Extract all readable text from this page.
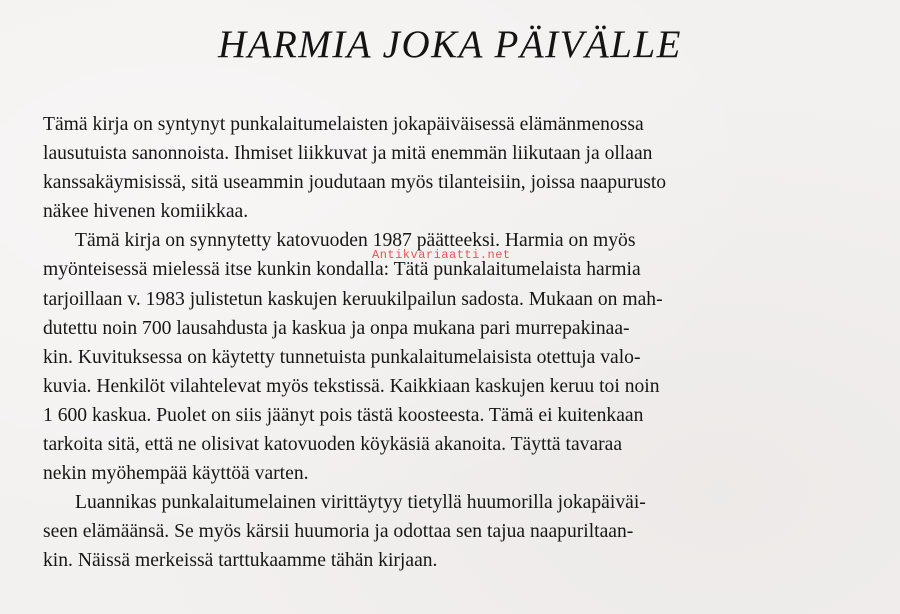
HARMIA JOKA PÄIVÄLLE
Tämä kirja on syntynyt punkalaitumelaisten jokapäiväisessä elämänmenossa
lausutuista sanonnoista. Ihmiset liikkuvat ja mitä enemmän liikutaan ja ollaan
kanssakäymisissä, sitä useammin joudutaan myös tilanteisiin, joissa naapurusto
näkee hivenen komiikkaa.
Tämä kirja on synnytetty katovuoden 1987 päätteeksi. Harmia on myös
myönteisessä mielessä itse kunkin kondalla: Tätä punkalaitumelaista harmia
tarjoillaan v. 1983 julistetun kaskujen keruukilpailun sadosta. Mukaan on mah-
dutettu noin 700 lausahdusta ja kaskua ja onpa mukana pari murrepakinaa-
kin. Kuvituksessa on käytetty tunnetuista punkalaitumelaisista otettuja valo-
kuvia. Henkilöt vilahtelevat myös tekstissä. Kaikkiaan kaskujen keruu toi noin
1 600 kaskua. Puolet on siis jäänyt pois tästä koosteesta. Tämä ei kuitenkaan
tarkoita sitä, että ne olisivat katovuoden köykäsiä akanoita. Täyttä tavaraa
nekin myöhempää käyttöä varten.
Luannikas punkalaitumelainen virittäytyy tietyllä huumorilla jokapäiväi-
seen elämäänsä. Se myös kärsii huumoria ja odottaa sen tajua naapuriltaan-
kin. Näissä merkeissä tarttukaamme tähän kirjaan.
Antikvariaatti.net
